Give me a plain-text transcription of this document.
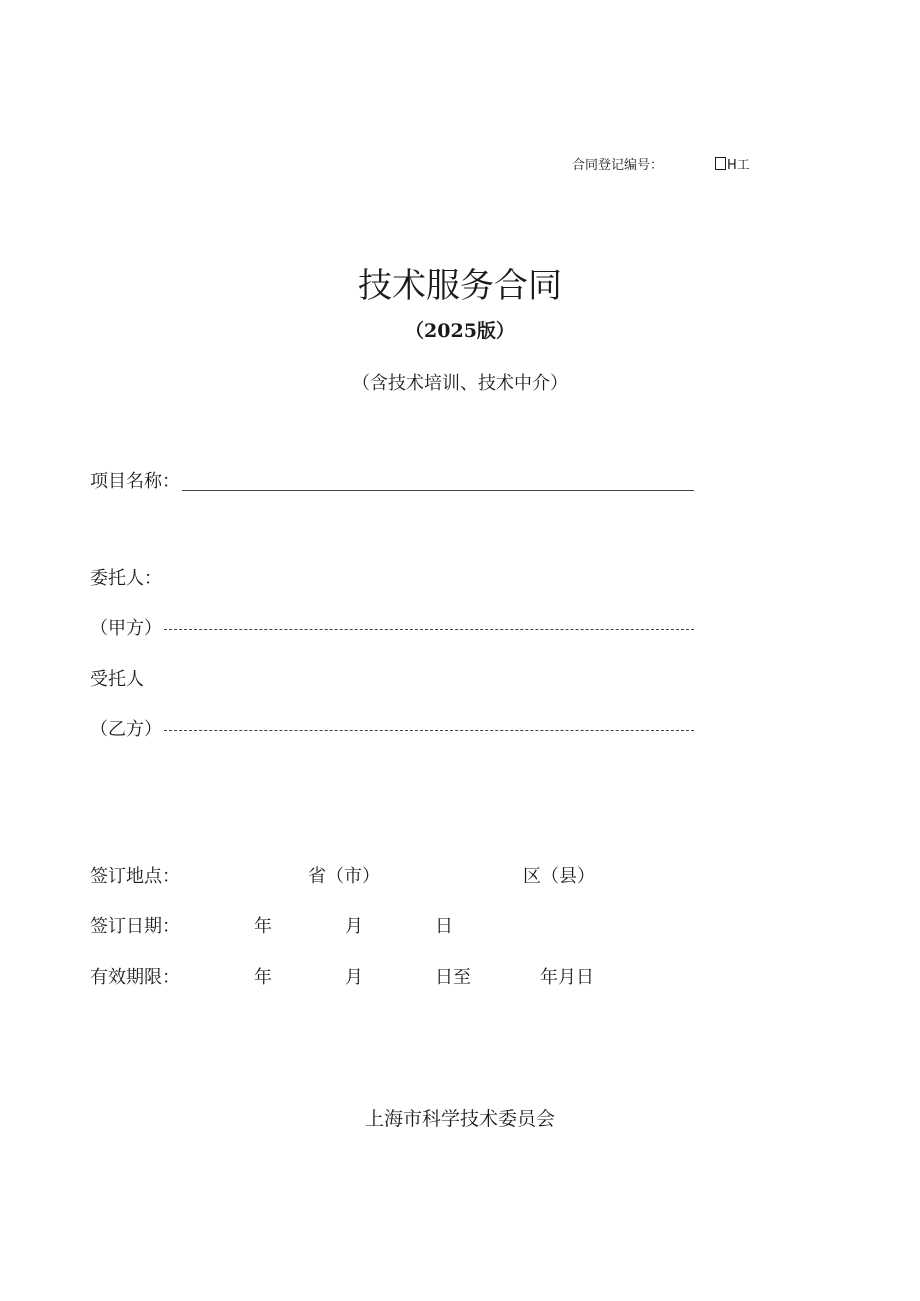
合同登记编号：	H工
技术服务合同
（2025版）
（含技术培训、技术中介）
项目名称：
委托人：
（甲方）
受托人
（乙方）
签订地点：	省（市）	区（县）
签订日期：	年	月	日
有效期限：	年	月	日至	年月日
上海市科学技术委员会
